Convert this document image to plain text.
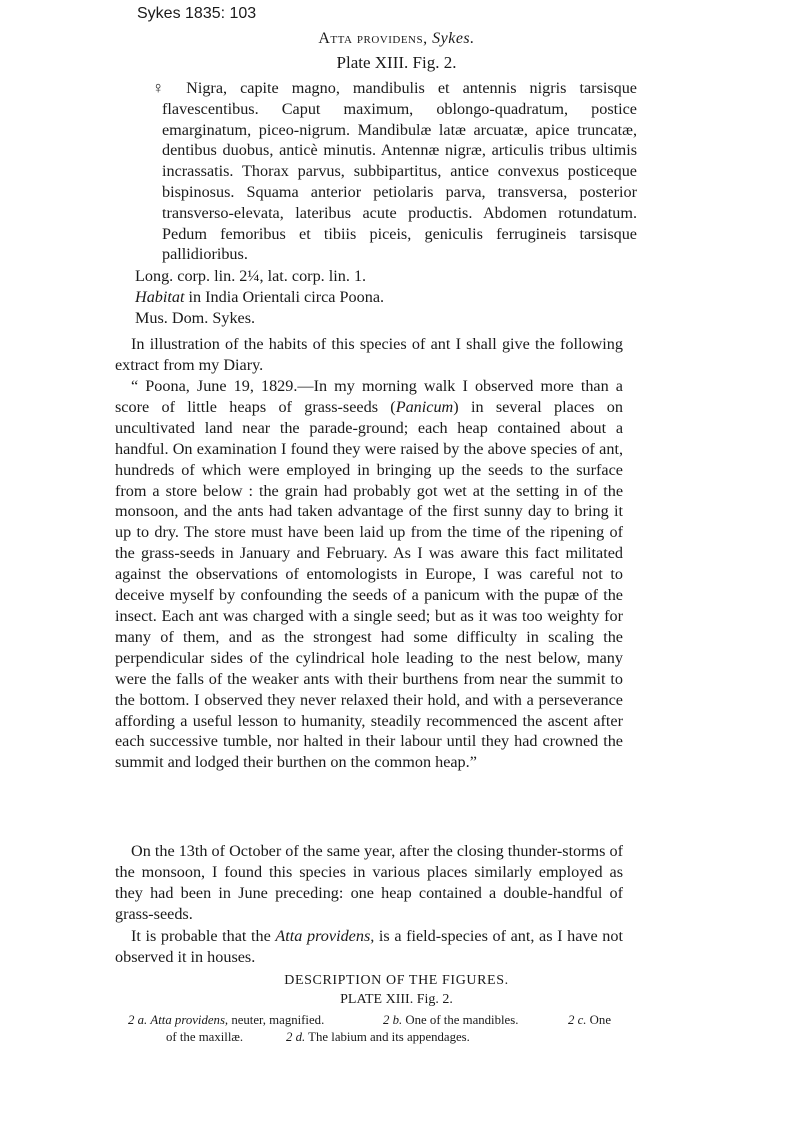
Sykes 1835: 103
Atta providens, Sykes.
Plate XIII. Fig. 2.
♀ Nigra, capite magno, mandibulis et antennis nigris tarsisque flavescentibus. Caput maximum, oblongo-quadratum, postice emarginatum, piceo-nigrum. Mandibulæ latæ arcuatæ, apice truncatæ, dentibus duobus, anticè minutis. Antennæ nigræ, articulis tribus ultimis incrassatis. Thorax parvus, subbipartitus, antice convexus posticeque bispinosus. Squama anterior petiolaris parva, transversa, posterior transverso-elevata, lateribus acute productis. Abdomen rotundatum. Pedum femoribus et tibiis piceis, geniculis ferrugineis tarsisque pallidioribus.
Long. corp. lin. 2¼, lat. corp. lin. 1.
Habitat in India Orientali circa Poona.
Mus. Dom. Sykes.

In illustration of the habits of this species of ant I shall give the following extract from my Diary.

“ Poona, June 19, 1829.—In my morning walk I observed more than a score of little heaps of grass-seeds (Panicum) in several places on uncultivated land near the parade-ground; each heap contained about a handful. On examination I found they were raised by the above species of ant, hundreds of which were employed in bringing up the seeds to the surface from a store below : the grain had probably got wet at the setting in of the monsoon, and the ants had taken advantage of the first sunny day to bring it up to dry. The store must have been laid up from the time of the ripening of the grass-seeds in January and February. As I was aware this fact militated against the observations of entomologists in Europe, I was careful not to deceive myself by confounding the seeds of a panicum with the pupæ of the insect. Each ant was charged with a single seed; but as it was too weighty for many of them, and as the strongest had some difficulty in scaling the perpendicular sides of the cylindrical hole leading to the nest below, many were the falls of the weaker ants with their burthens from near the summit to the bottom. I observed they never relaxed their hold, and with a perseverance affording a useful lesson to humanity, steadily recommenced the ascent after each successive tumble, nor halted in their labour until they had crowned the summit and lodged their burthen on the common heap.”

On the 13th of October of the same year, after the closing thunder-storms of the monsoon, I found this species in various places similarly employed as they had been in June preceding: one heap contained a double-handful of grass-seeds.

It is probable that the Atta providens, is a field-species of ant, as I have not observed it in houses.

DESCRIPTION OF THE FIGURES.
PLATE XIII. Fig. 2.
2 a. Atta providens, neuter, magnified.	2 b. One of the mandibles.	2 c. One
of the maxillæ.	2 d. The labium and its appendages.
